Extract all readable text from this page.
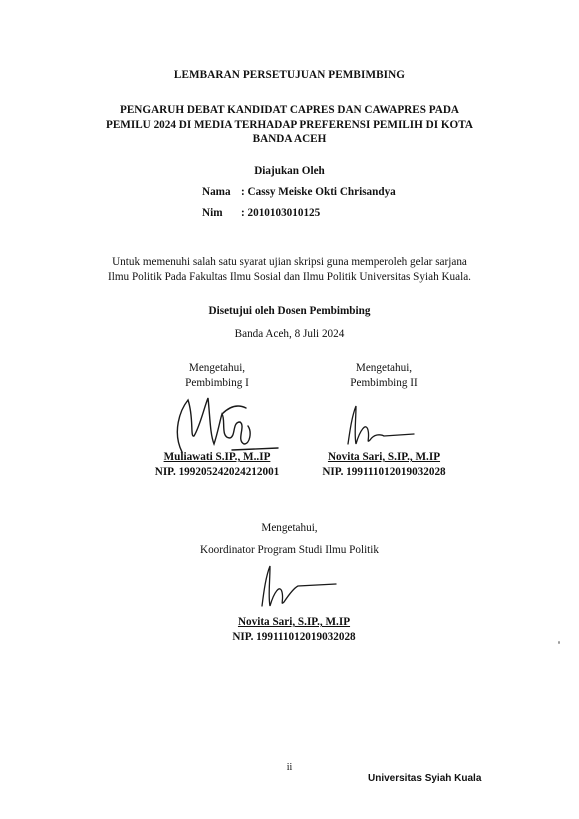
LEMBARAN PERSETUJUAN PEMBIMBING
PENGARUH DEBAT KANDIDAT CAPRES DAN CAWAPRES PADA
PEMILU 2024 DI MEDIA TERHADAP PREFERENSI PEMILIH DI KOTA
BANDA ACEH
Diajukan Oleh
Nama : Cassy Meiske Okti Chrisandya
Nim : 2010103010125
Untuk memenuhi salah satu syarat ujian skripsi guna memperoleh gelar sarjana
Ilmu Politik Pada Fakultas Ilmu Sosial dan Ilmu Politik Universitas Syiah Kuala.
Disetujui oleh Dosen Pembimbing
Banda Aceh, 8 Juli 2024
Mengetahui,
Pembimbing I
Muliawati S.IP., M..IP
NIP. 199205242024212001
Mengetahui,
Pembimbing II
Novita Sari, S.IP., M.IP
NIP. 199111012019032028
Mengetahui,
Koordinator Program Studi Ilmu Politik
Novita Sari, S.IP., M.IP
NIP. 199111012019032028
ii
Universitas Syiah Kuala
